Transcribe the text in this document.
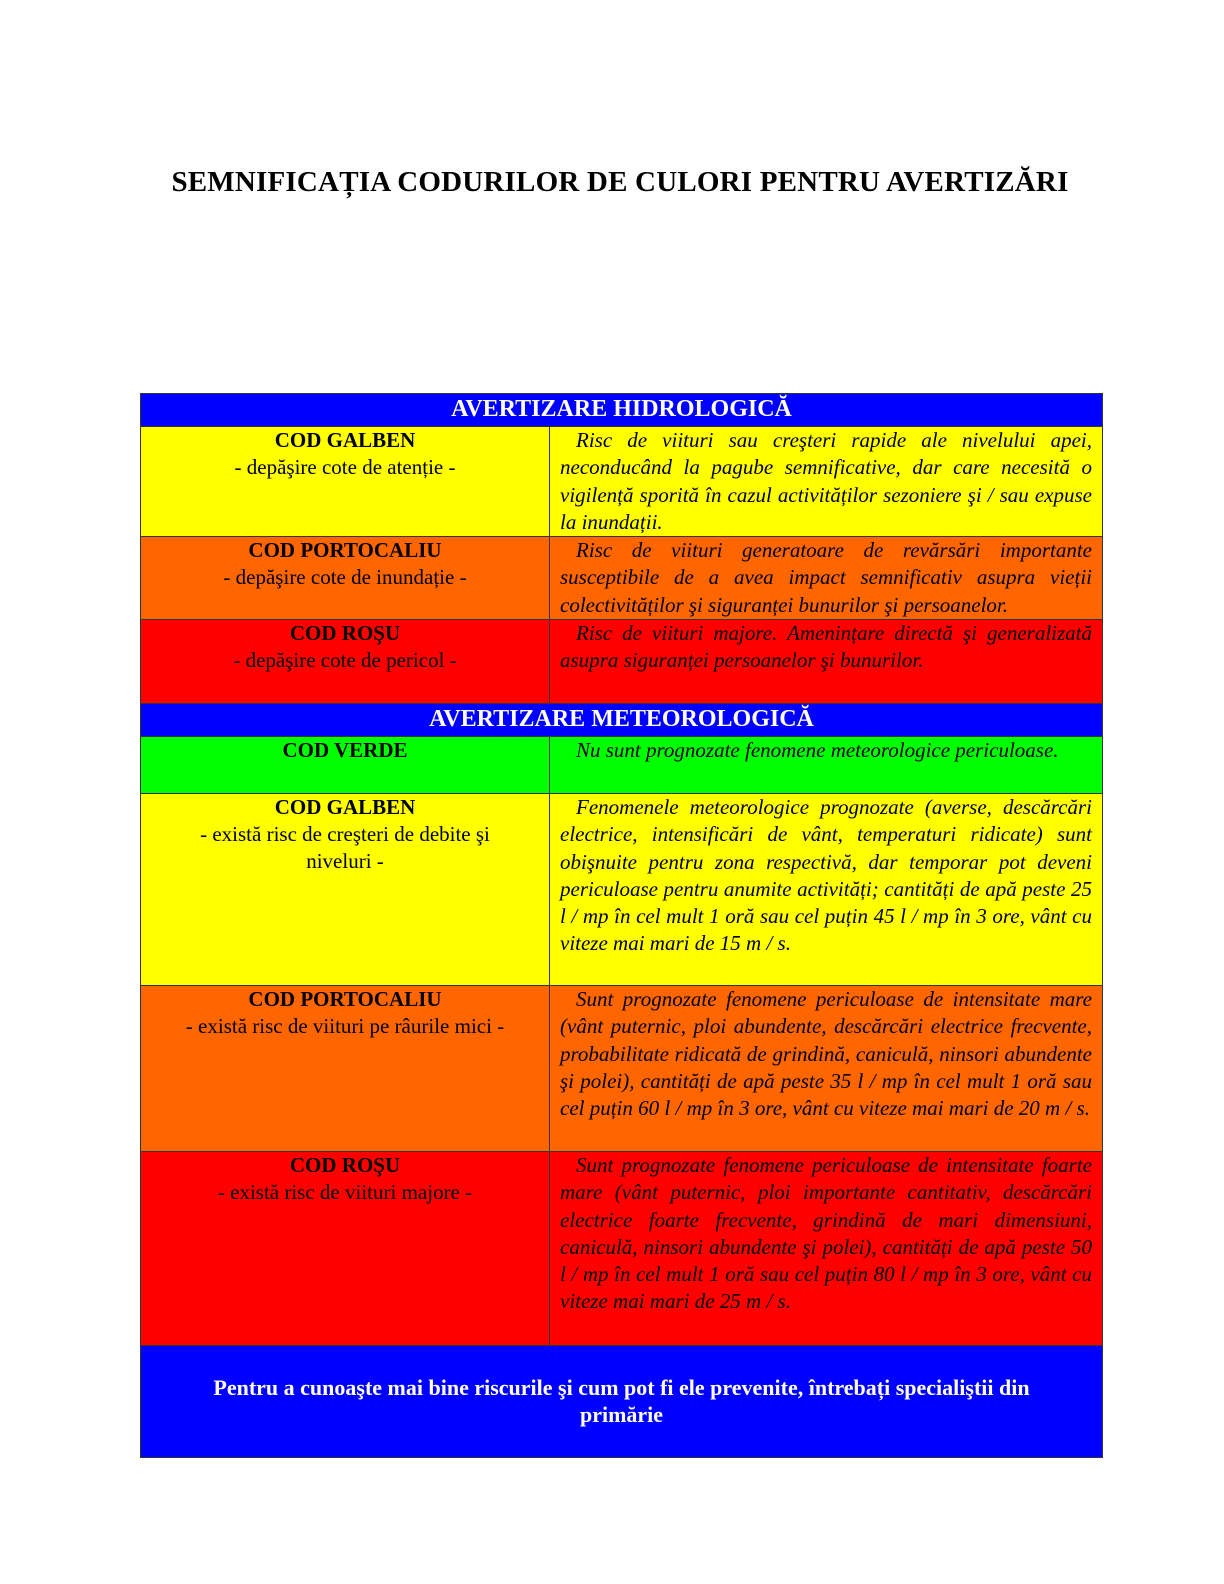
SEMNIFICAȚIA CODURILOR DE CULORI PENTRU AVERTIZĂRI
AVERTIZARE HIDROLOGICĂ
COD GALBEN
- depăşire cote de atenție -
Risc de viituri sau creşteri rapide ale nivelului apei, neconducând la pagube semnificative, dar care necesită o vigilență sporită în cazul activităților sezoniere şi / sau expuse la inundații.
COD PORTOCALIU
- depăşire cote de inundație -
Risc de viituri generatoare de revărsări importante susceptibile de a avea impact semnificativ asupra vieții colectivităților şi siguranței bunurilor şi persoanelor.
COD ROŞU
- depăşire cote de pericol -
Risc de viituri majore. Amenințare directă şi generalizată asupra siguranței persoanelor şi bunurilor.
AVERTIZARE METEOROLOGICĂ
COD VERDE	Nu sunt prognozate fenomene meteorologice periculoase.
COD GALBEN
- există risc de creşteri de debite şi niveluri -
Fenomenele meteorologice prognozate (averse, descărcări electrice, intensificări de vânt, temperaturi ridicate) sunt obişnuite pentru zona respectivă, dar temporar pot deveni periculoase pentru anumite activități; cantități de apă peste 25 l / mp în cel mult 1 oră sau cel puțin 45 l / mp în 3 ore, vânt cu viteze mai mari de 15 m / s.
COD PORTOCALIU
- există risc de viituri pe râurile mici -
Sunt prognozate fenomene periculoase de intensitate mare (vânt puternic, ploi abundente, descărcări electrice frecvente, probabilitate ridicată de grindină, caniculă, ninsori abundente şi polei), cantități de apă peste 35 l / mp în cel mult 1 oră sau cel puțin 60 l / mp în 3 ore, vânt cu viteze mai mari de 20 m / s.
COD ROŞU
- există risc de viituri majore -
Sunt prognozate fenomene periculoase de intensitate foarte mare (vânt puternic, ploi importante cantitativ, descărcări electrice foarte frecvente, grindină de mari dimensiuni, caniculă, ninsori abundente şi polei), cantități de apă peste 50 l / mp în cel mult 1 oră sau cel puțin 80 l / mp în 3 ore, vânt cu viteze mai mari de 25 m / s.
Pentru a cunoaşte mai bine riscurile şi cum pot fi ele prevenite, întrebați specialiştii din primărie
